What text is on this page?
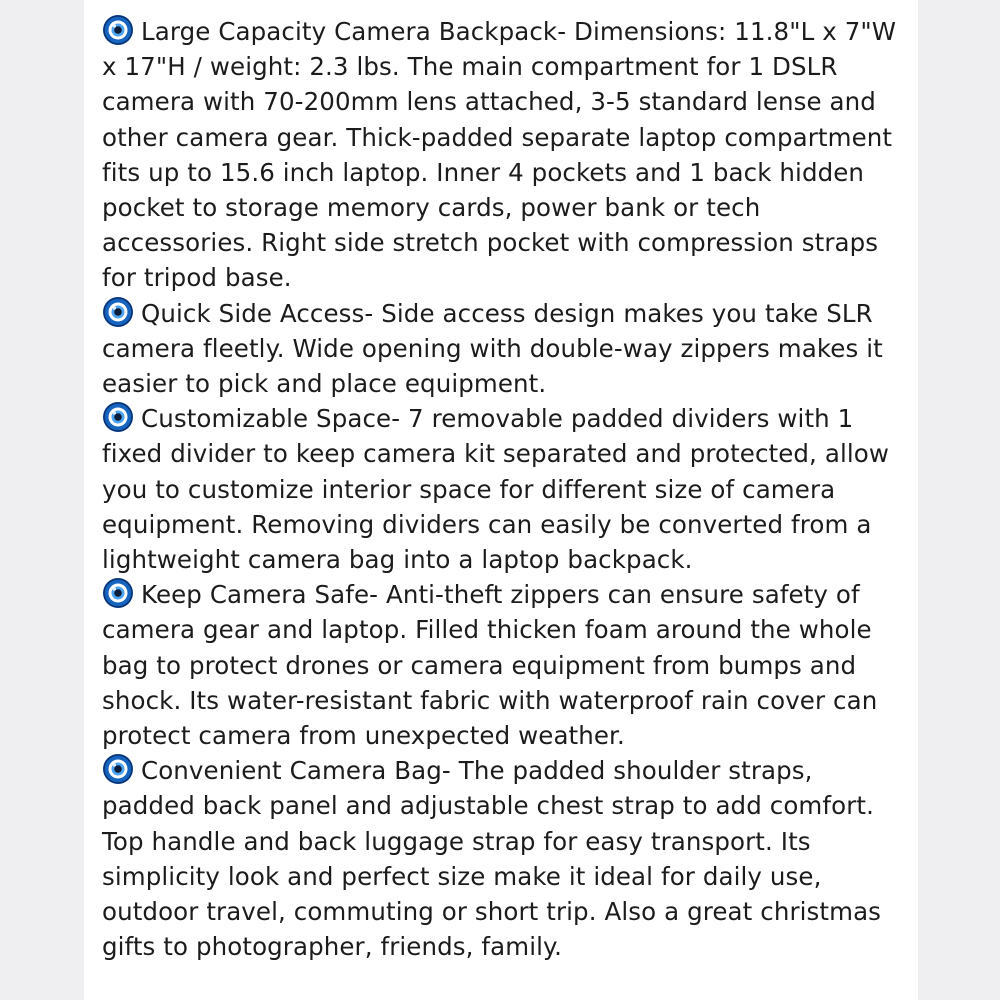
Large Capacity Camera Backpack- Dimensions: 11.8"L x 7"W x 17"H / weight: 2.3 lbs. The main compartment for 1 DSLR camera with 70-200mm lens attached, 3-5 standard lense and other camera gear. Thick-padded separate laptop compartment fits up to 15.6 inch laptop. Inner 4 pockets and 1 back hidden pocket to storage memory cards, power bank or tech accessories. Right side stretch pocket with compression straps for tripod base.

Quick Side Access- Side access design makes you take SLR camera fleetly. Wide opening with double-way zippers makes it easier to pick and place equipment.

Customizable Space- 7 removable padded dividers with 1 fixed divider to keep camera kit separated and protected, allow you to customize interior space for different size of camera equipment. Removing dividers can easily be converted from a lightweight camera bag into a laptop backpack.

Keep Camera Safe- Anti-theft zippers can ensure safety of camera gear and laptop. Filled thicken foam around the whole bag to protect drones or camera equipment from bumps and shock. Its water-resistant fabric with waterproof rain cover can protect camera from unexpected weather.

Convenient Camera Bag- The padded shoulder straps, padded back panel and adjustable chest strap to add comfort. Top handle and back luggage strap for easy transport. Its simplicity look and perfect size make it ideal for daily use, outdoor travel, commuting or short trip. Also a great christmas gifts to photographer, friends, family.
